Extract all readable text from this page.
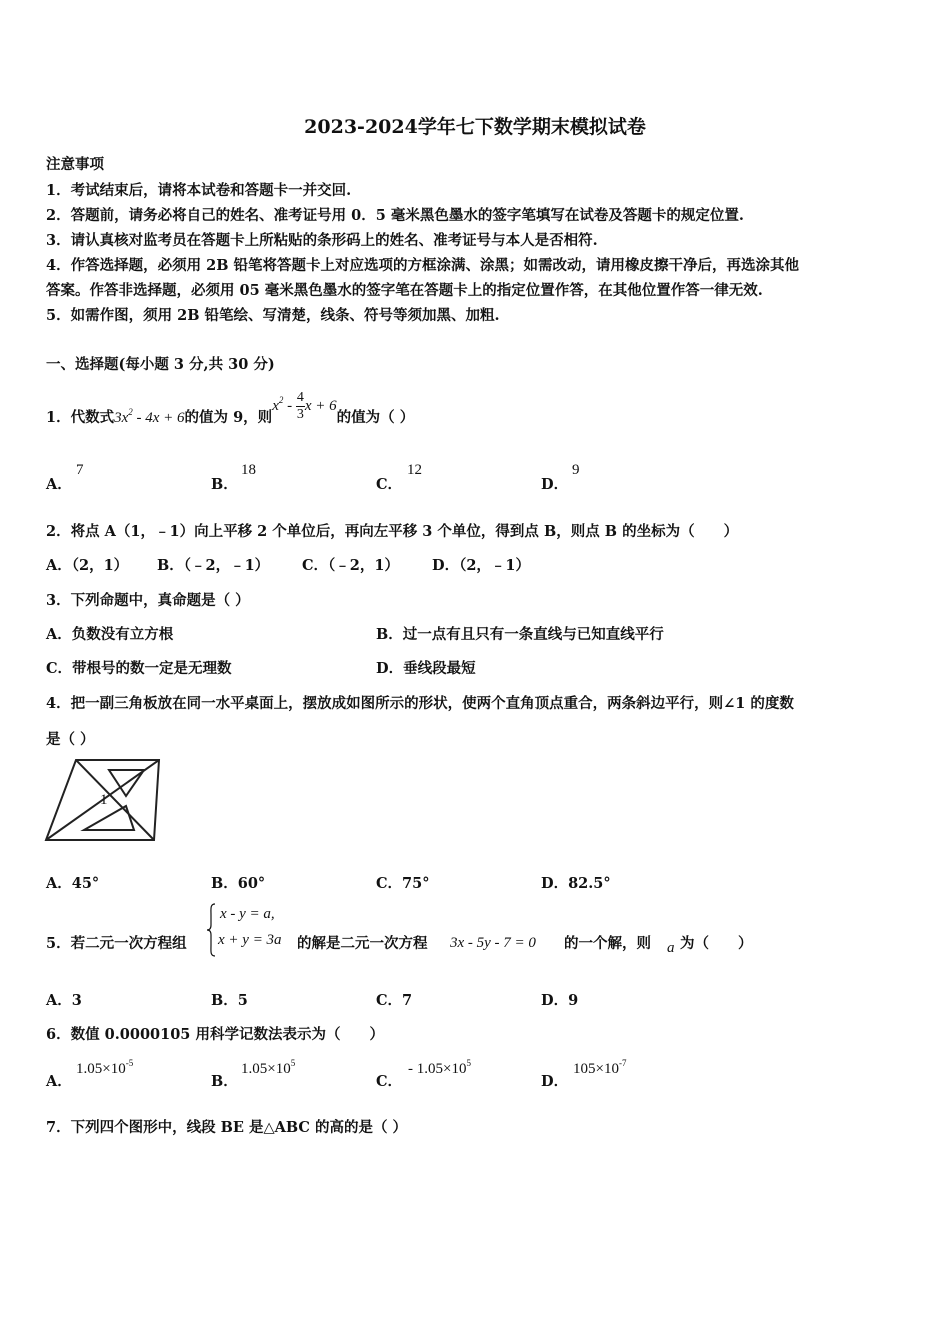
2023-2024学年七下数学期末模拟试卷
注意事项
1．考试结束后，请将本试卷和答题卡一并交回.
2．答题前，请务必将自己的姓名、准考证号用 0．5 毫米黑色墨水的签字笔填写在试卷及答题卡的规定位置.
3．请认真核对监考员在答题卡上所粘贴的条形码上的姓名、准考证号与本人是否相符.
4．作答选择题，必须用 2B 铅笔将答题卡上对应选项的方框涂满、涂黑；如需改动，请用橡皮擦干净后，再选涂其他
答案。作答非选择题，必须用 05 毫米黑色墨水的签字笔在答题卡上的指定位置作答，在其他位置作答一律无效.
5．如需作图，须用 2B 铅笔绘、写清楚，线条、符号等须加黑、加粗.
一、选择题(每小题 3 分,共 30 分)
1．代数式$3x^2 - 4x + 6$的值为 9，则$x^2 - \frac{4}{3}$ x + 6的值为（ ）
A．
7
B．
18
C．
12
D．
9
2．将点 A（1，﹣1）向上平移 2 个单位后，再向左平移 3 个单位，得到点 B，则点 B 的坐标为（　　）
A．（2，1） B．（﹣2，﹣1） C．（﹣2，1） D．（2，﹣1）
3．下列命题中，真命题是（ ）
A．负数没有立方根	B．过一点有且只有一条直线与已知直线平行
C．带根号的数一定是无理数	D．垂线段最短
4．把一副三角板放在同一水平桌面上，摆放成如图所示的形状，使两个直角顶点重合，两条斜边平行，则∠1 的度数
是（ ）
1
A．45°	B．60°	C．75°	D．82.5°
5．若二元一次方程组
x - y = a,
x + y = 3a 的解是二元一次方程 3x - 5y - 7 = 0 的一个解，则 a 为（　　）
A．3	B．5	C．7	D．9
6．数值 0.0000105 用科学记数法表示为（　　）
A．
$1.05\times 10^{-5}$
B．
$1.05\times 10^5$
C．
- $1.05\times 10^5$
D．
$105\times 10^{-7}$
7．下列四个图形中，线段 BE 是△ABC 的高的是（ ）
